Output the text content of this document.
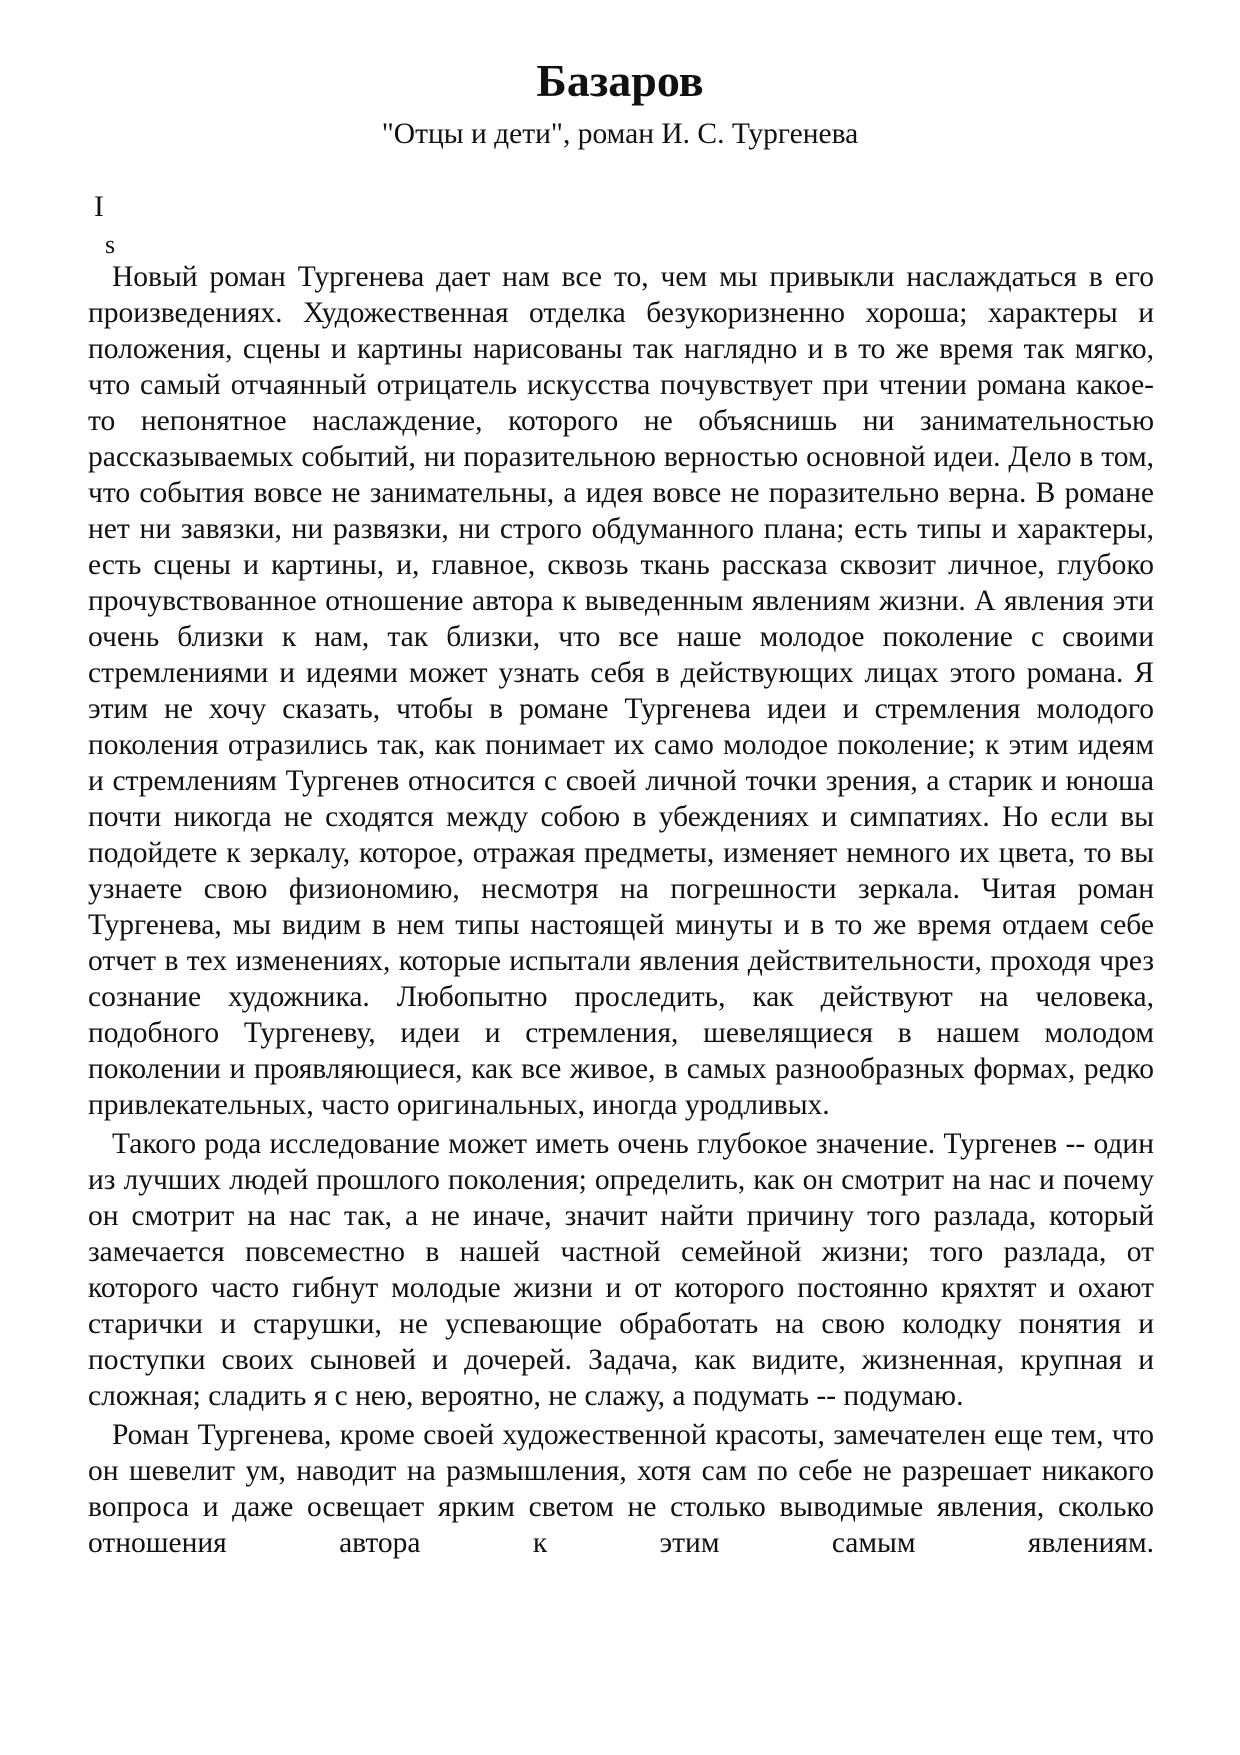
Базаров
"Отцы и дети", роман И. С. Тургенева
I
s

Новый роман Тургенева дает нам все то, чем мы привыкли наслаждаться в его произведениях. Художественная отделка безукоризненно хороша; характеры и положения, сцены и картины нарисованы так наглядно и в то же время так мягко, что самый отчаянный отрицатель искусства почувствует при чтении романа какое-то непонятное наслаждение, которого не объяснишь ни занимательностью рассказываемых событий, ни поразительною верностью основной идеи. Дело в том, что события вовсе не занимательны, а идея вовсе не поразительно верна. В романе нет ни завязки, ни развязки, ни строго обдуманного плана; есть типы и характеры, есть сцены и картины, и, главное, сквозь ткань рассказа сквозит личное, глубоко прочувствованное отношение автора к выведенным явлениям жизни. А явления эти очень близки к нам, так близки, что все наше молодое поколение с своими стремлениями и идеями может узнать себя в действующих лицах этого романа. Я этим не хочу сказать, чтобы в романе Тургенева идеи и стремления молодого поколения отразились так, как понимает их само молодое поколение; к этим идеям и стремлениям Тургенев относится с своей личной точки зрения, а старик и юноша почти никогда не сходятся между собою в убеждениях и симпатиях. Но если вы подойдете к зеркалу, которое, отражая предметы, изменяет немного их цвета, то вы узнаете свою физиономию, несмотря на погрешности зеркала. Читая роман Тургенева, мы видим в нем типы настоящей минуты и в то же время отдаем себе отчет в тех изменениях, которые испытали явления действительности, проходя чрез сознание художника. Любопытно проследить, как действуют на человека, подобного Тургеневу, идеи и стремления, шевелящиеся в нашем молодом поколении и проявляющиеся, как все живое, в самых разнообразных формах, редко привлекательных, часто оригинальных, иногда уродливых.

Такого рода исследование может иметь очень глубокое значение. Тургенев -- один из лучших людей прошлого поколения; определить, как он смотрит на нас и почему он смотрит на нас так, а не иначе, значит найти причину того разлада, который замечается повсеместно в нашей частной семейной жизни; того разлада, от которого часто гибнут молодые жизни и от которого постоянно кряхтят и охают старички и старушки, не успевающие обработать на свою колодку понятия и поступки своих сыновей и дочерей. Задача, как видите, жизненная, крупная и сложная; сладить я с нею, вероятно, не слажу, а подумать -- подумаю.

Роман Тургенева, кроме своей художественной красоты, замечателен еще тем, что он шевелит ум, наводит на размышления, хотя сам по себе не разрешает никакого вопроса и даже освещает ярким светом не столько выводимые явления, сколько отношения автора к этим самым явлениям.
